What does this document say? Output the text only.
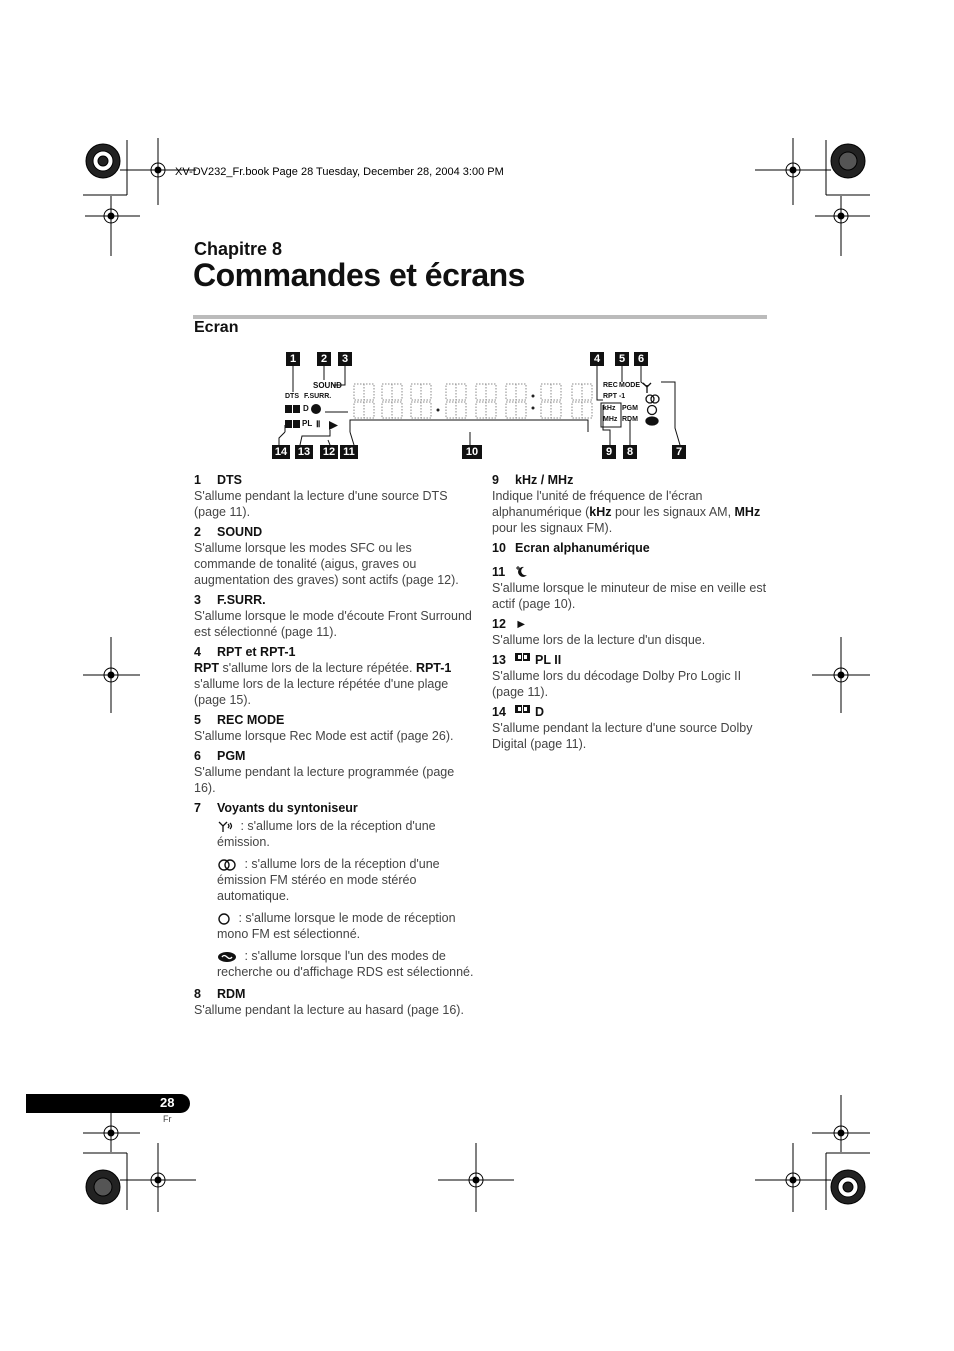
XV-DV232_Fr.book Page 28 Tuesday, December 28, 2004 3:00 PM
Chapitre 8
Commandes et écrans
Ecran
1	2	3	4	5	6
7
8
9
10
11
12
13
14
SOUND
DTS F.SURR.
D
PL
REC MODE
RPT -1
kHz
MHz
PGM
RDM
Ⅱ
1	DTS
S'allume pendant la lecture d'une source DTS (page 11).
2	SOUND
S'allume lorsque les modes SFC ou les commande de tonalité (aigus, graves ou augmentation des graves) sont actifs (page 12).
3	F.SURR.
S'allume lorsque le mode d'écoute Front Surround est sélectionné (page 11).
4	RPT et RPT-1
RPT s'allume lors de la lecture répétée. RPT-1 s'allume lors de la lecture répétée d'une plage (page 15).
5	REC MODE
S'allume lorsque Rec Mode est actif (page 26).
6	PGM
S'allume pendant la lecture programmée (page 16).
7	Voyants du syntoniseur
: s'allume lors de la réception d'une émission.
: s'allume lors de la réception d'une émission FM stéréo en mode stéréo automatique.
: s'allume lorsque le mode de réception mono FM est sélectionné.
: s'allume lorsque l'un des modes de recherche ou d'affichage RDS est sélectionné.
8	RDM
S'allume pendant la lecture au hasard (page 16).
9	kHz / MHz
Indique l'unité de fréquence de l'écran alphanumérique (kHz pour les signaux AM, MHz pour les signaux FM).
10 Ecran alphanumérique
11
S'allume lorsque le minuteur de mise en veille est actif (page 10).
12 ►
S'allume lors de la lecture d'un disque.
13	PL II
S'allume lors du décodage Dolby Pro Logic II (page 11).
14	D
S'allume pendant la lecture d'une source Dolby Digital (page 11).
28
Fr
